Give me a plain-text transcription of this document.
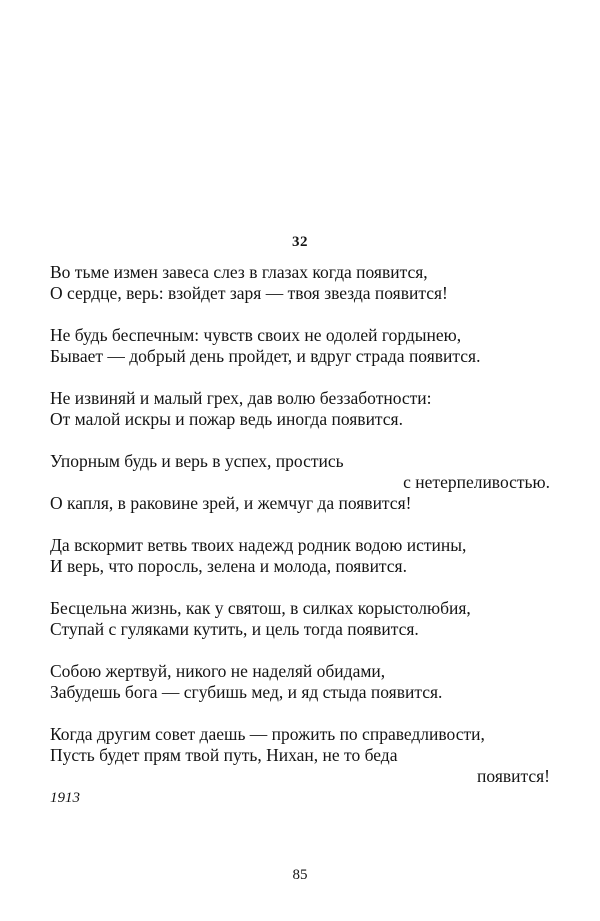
32
Во тьме измен завеса слез в глазах когда появится,
О сердце, верь: взойдет заря — твоя звезда появится!
Не будь беспечным: чувств своих не одолей гордынею,
Бывает — добрый день пройдет, и вдруг страда появится.
Не извиняй и малый грех, дав волю беззаботности:
От малой искры и пожар ведь иногда появится.
Упорным будь и верь в успех, простись
с нетерпеливостью.
О капля, в раковине зрей, и жемчуг да появится!
Да вскормит ветвь твоих надежд родник водою истины,
И верь, что поросль, зелена и молода, появится.
Бесцельна жизнь, как у святош, в силках корыстолюбия,
Ступай с гуляками кутить, и цель тогда появится.
Собою жертвуй, никого не наделяй обидами,
Забудешь бога — сгубишь мед, и яд стыда появится.
Когда другим совет даешь — прожить по справедливости,
Пусть будет прям твой путь, Нихан, не то беда
появится!
1913
85
